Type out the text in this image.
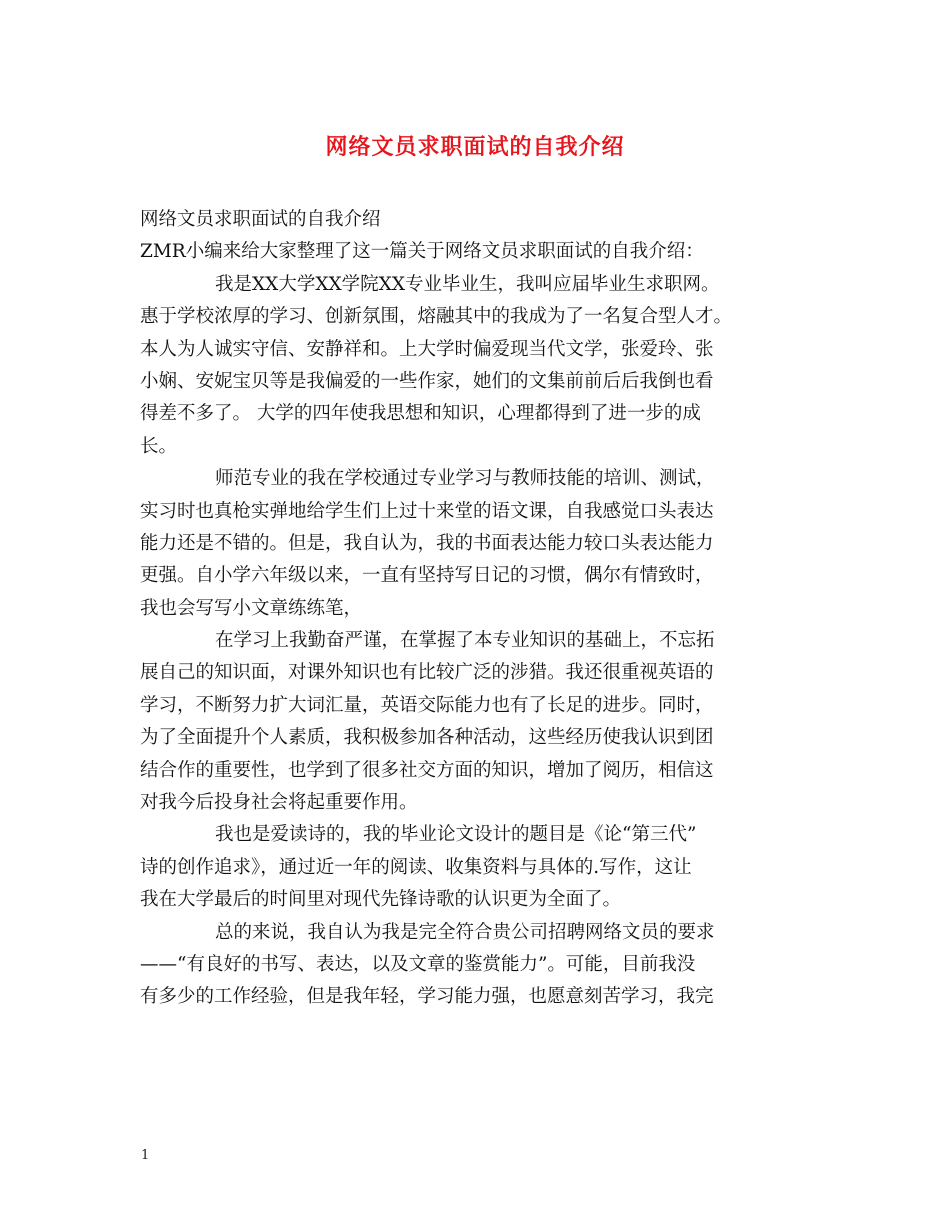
网络文员求职面试的自我介绍
网络文员求职面试的自我介绍
ZMR小编来给大家整理了这一篇关于网络文员求职面试的自我介绍：
我是XX大学XX学院XX专业毕业生，我叫应届毕业生求职网。
惠于学校浓厚的学习、创新氛围，熔融其中的我成为了一名复合型人才。
本人为人诚实守信、安静祥和。上大学时偏爱现当代文学，张爱玲、张
小娴、安妮宝贝等是我偏爱的一些作家，她们的文集前前后后我倒也看
得差不多了。 大学的四年使我思想和知识，心理都得到了进一步的成
长。
师范专业的我在学校通过专业学习与教师技能的培训、测试，
实习时也真枪实弹地给学生们上过十来堂的语文课，自我感觉口头表达
能力还是不错的。但是，我自认为，我的书面表达能力较口头表达能力
更强。自小学六年级以来，一直有坚持写日记的习惯，偶尔有情致时，
我也会写写小文章练练笔，
在学习上我勤奋严谨，在掌握了本专业知识的基础上，不忘拓
展自己的知识面，对课外知识也有比较广泛的涉猎。我还很重视英语的
学习，不断努力扩大词汇量，英语交际能力也有了长足的进步。同时，
为了全面提升个人素质，我积极参加各种活动，这些经历使我认识到团
结合作的重要性，也学到了很多社交方面的知识，增加了阅历，相信这
对我今后投身社会将起重要作用。
我也是爱读诗的，我的毕业论文设计的题目是《论“第三代”
诗的创作追求》，通过近一年的阅读、收集资料与具体的.写作，这让
我在大学最后的时间里对现代先锋诗歌的认识更为全面了。
总的来说，我自认为我是完全符合贵公司招聘网络文员的要求
——“有良好的书写、表达，以及文章的鉴赏能力”。可能，目前我没
有多少的工作经验，但是我年轻，学习能力强，也愿意刻苦学习，我完
1
